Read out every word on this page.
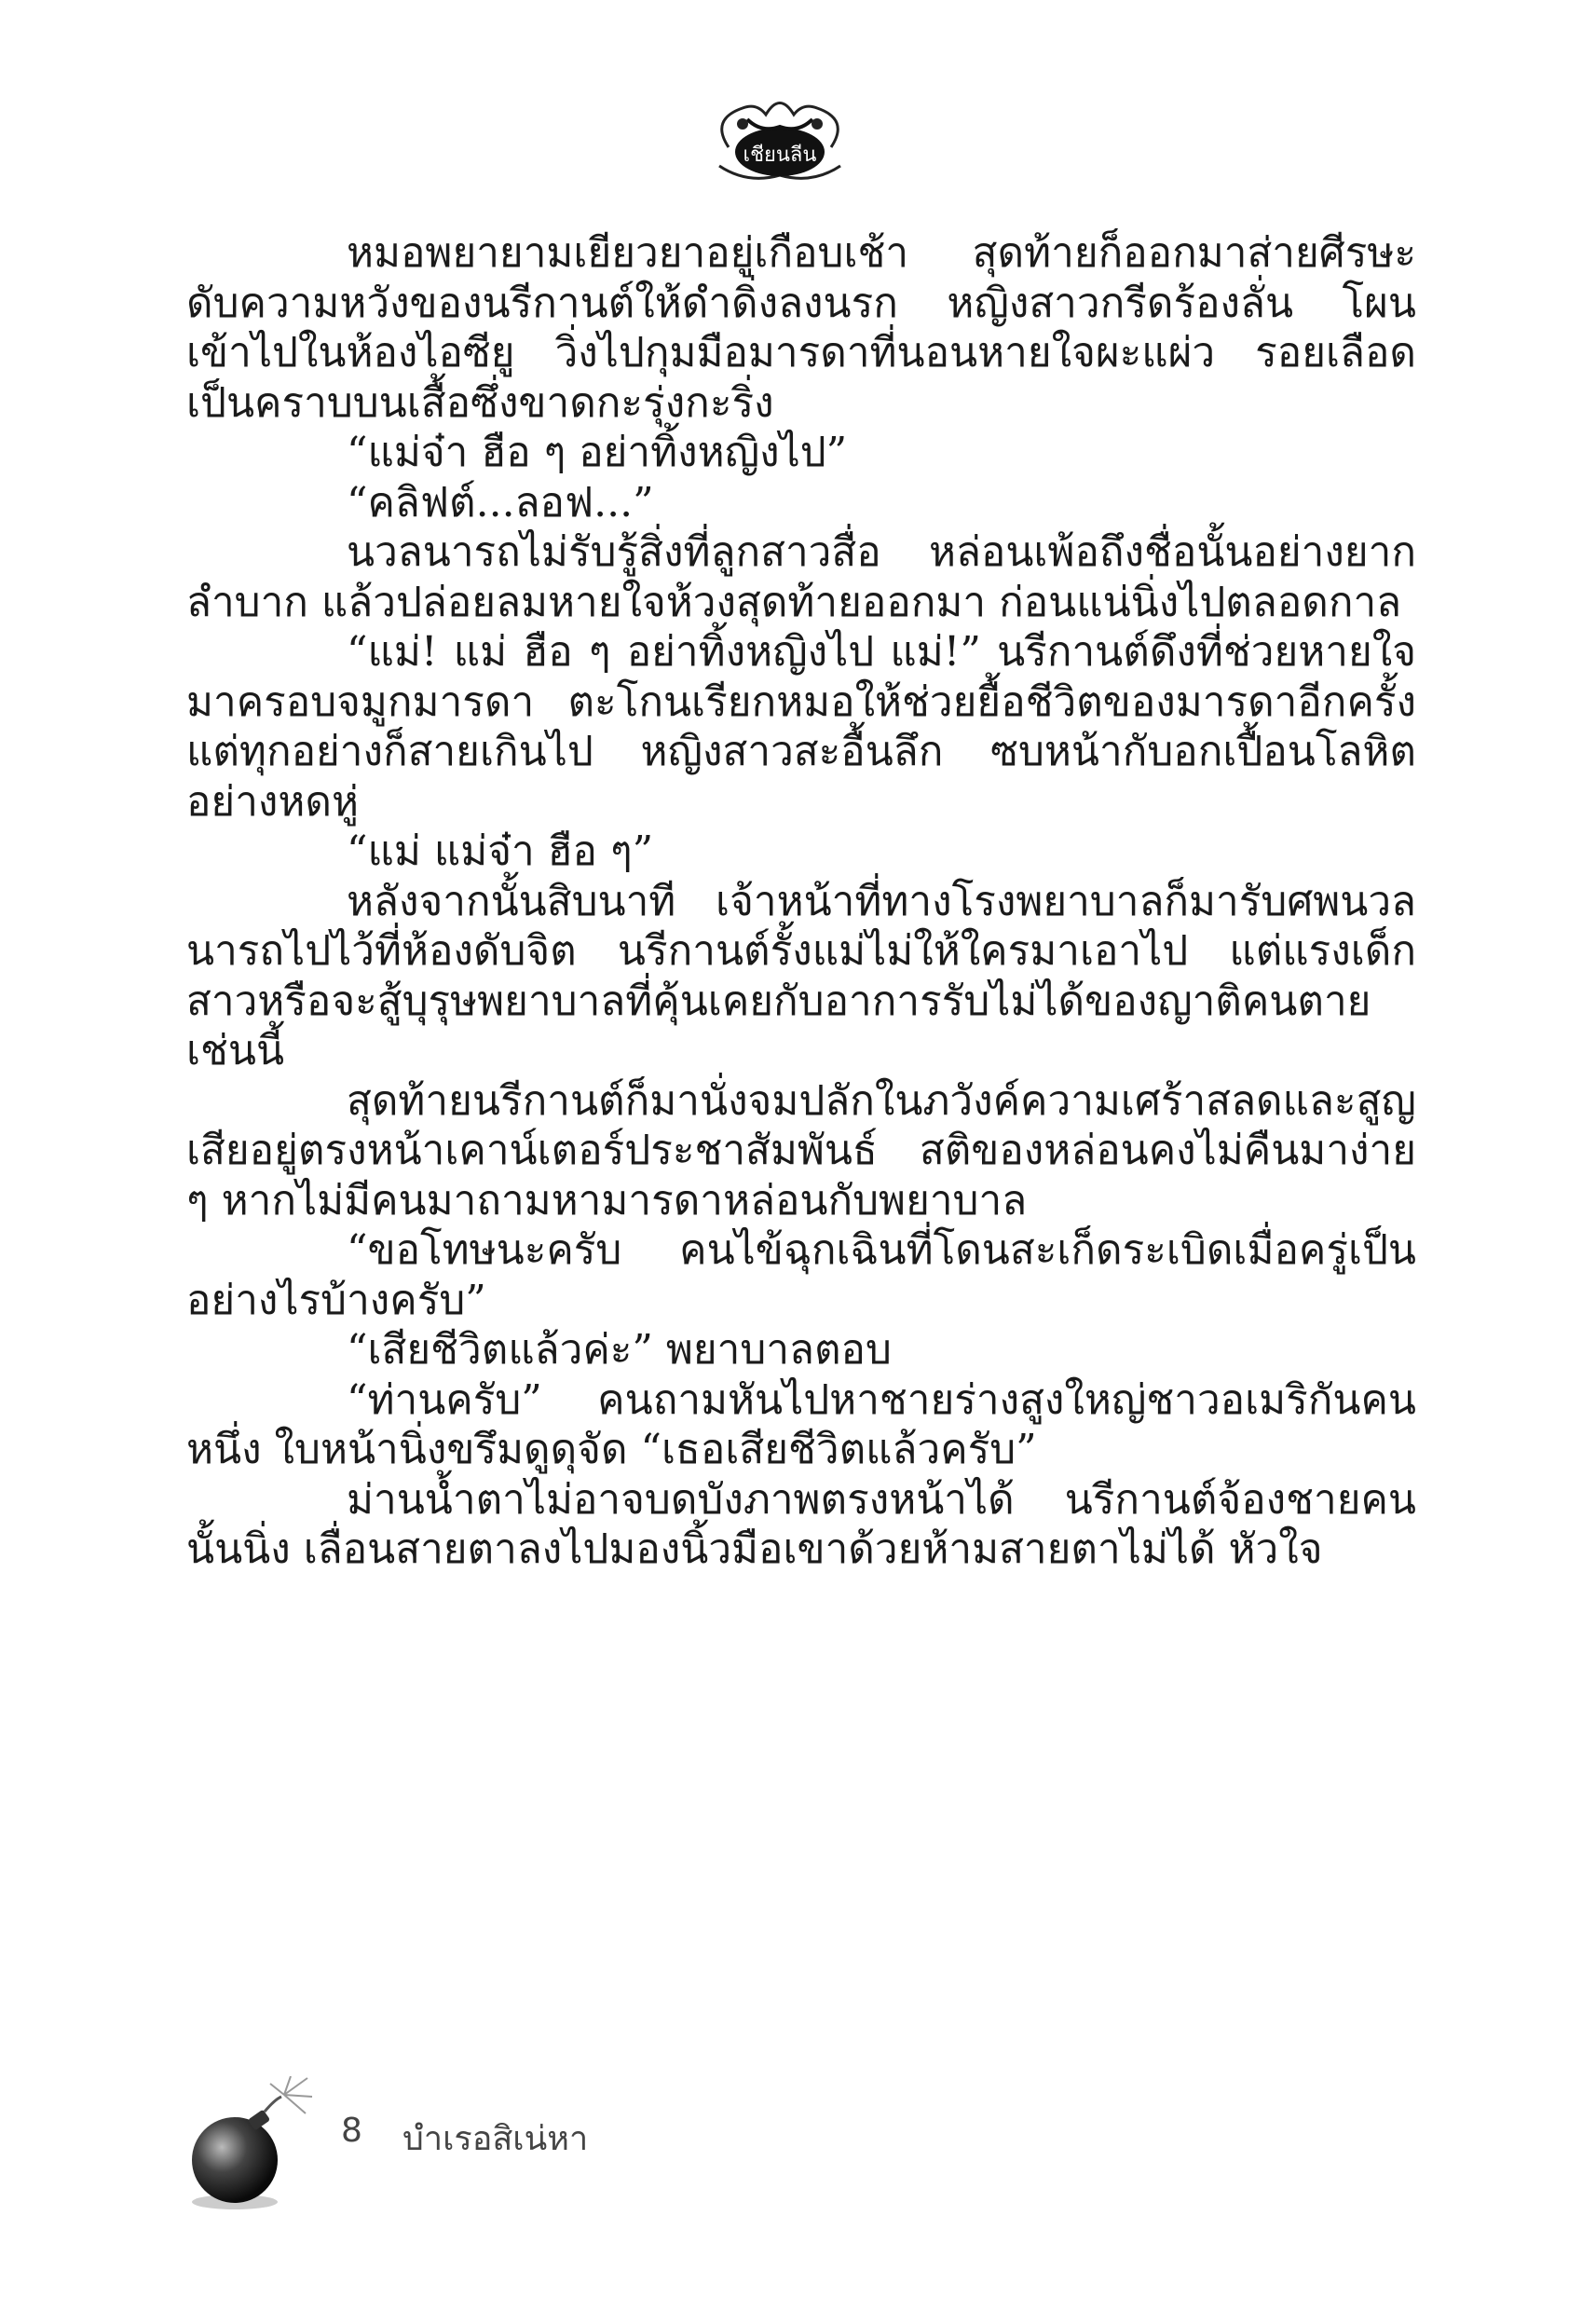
เชียนลีน

หมอพยายามเยียวยาอยู่เกือบเช้า สุดท้ายก็ออกมาส่ายศีรษะดับความหวังของนรีกานต์ให้ดำดิ่งลงนรก หญิงสาวกรีดร้องลั่น โผนเข้าไปในห้องไอซียู วิ่งไปกุมมือมารดาที่นอนหายใจผะแผ่ว รอยเลือดเป็นคราบบนเสื้อซึ่งขาดกะรุ่งกะริ่ง

“แม่จ๋า ฮือ ๆ อย่าทิ้งหญิงไป”

“คลิฟต์...ลอฟ...”

นวลนารถไม่รับรู้สิ่งที่ลูกสาวสื่อ หล่อนเพ้อถึงชื่อนั้นอย่างยากลำบาก แล้วปล่อยลมหายใจห้วงสุดท้ายออกมา ก่อนแน่นิ่งไปตลอดกาล

“แม่! แม่ ฮือ ๆ อย่าทิ้งหญิงไป แม่!” นรีกานต์ดึงที่ช่วยหายใจมาครอบจมูกมารดา ตะโกนเรียกหมอให้ช่วยยื้อชีวิตของมารดาอีกครั้ง แต่ทุกอย่างก็สายเกินไป หญิงสาวสะอื้นลึก ซบหน้ากับอกเปื้อนโลหิตอย่างหดหู่

“แม่ แม่จ๋า ฮือ ๆ”

หลังจากนั้นสิบนาที เจ้าหน้าที่ทางโรงพยาบาลก็มารับศพนวลนารถไปไว้ที่ห้องดับจิต นรีกานต์รั้งแม่ไม่ให้ใครมาเอาไป แต่แรงเด็กสาวหรือจะสู้บุรุษพยาบาลที่คุ้นเคยกับอาการรับไม่ได้ของญาติคนตายเช่นนี้

สุดท้ายนรีกานต์ก็มานั่งจมปลักในภวังค์ความเศร้าสลดและสูญเสียอยู่ตรงหน้าเคาน์เตอร์ประชาสัมพันธ์ สติของหล่อนคงไม่คืนมาง่าย ๆ หากไม่มีคนมาถามหามารดาหล่อนกับพยาบาล

“ขอโทษนะครับ คนไข้ฉุกเฉินที่โดนสะเก็ดระเบิดเมื่อครู่เป็นอย่างไรบ้างครับ”

“เสียชีวิตแล้วค่ะ” พยาบาลตอบ

“ท่านครับ” คนถามหันไปหาชายร่างสูงใหญ่ชาวอเมริกันคนหนึ่ง ใบหน้านิ่งขรึมดูดุจัด “เธอเสียชีวิตแล้วครับ”

ม่านน้ำตาไม่อาจบดบังภาพตรงหน้าได้ นรีกานต์จ้องชายคนนั้นนิ่ง เลื่อนสายตาลงไปมองนิ้วมือเขาด้วยห้ามสายตาไม่ได้ หัวใจ

8 บำเรอสิเน่หา
